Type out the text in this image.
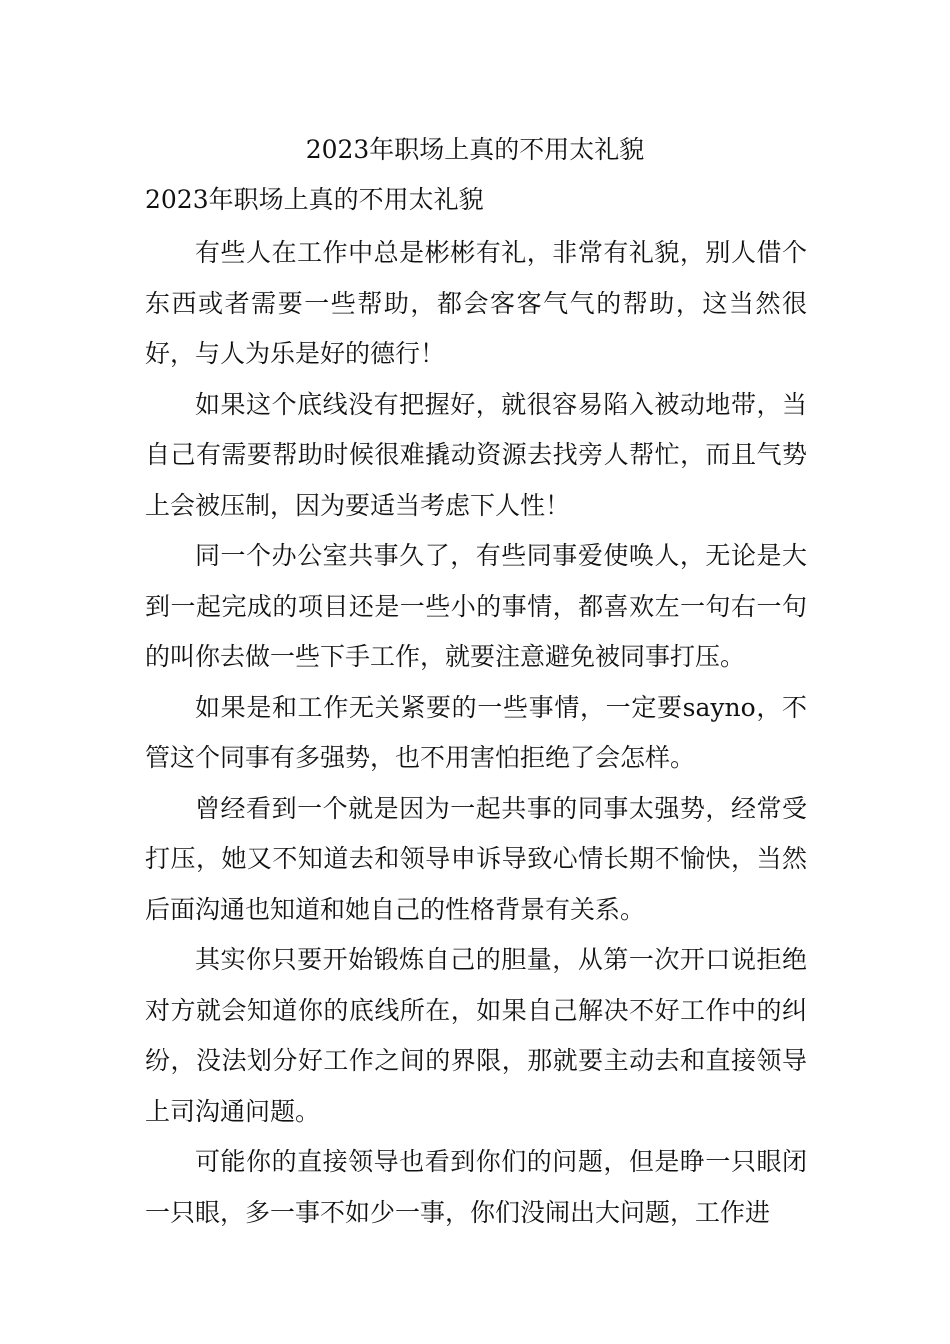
2023年职场上真的不用太礼貌

2023年职场上真的不用太礼貌

有些人在工作中总是彬彬有礼，非常有礼貌，别人借个东西或者需要一些帮助，都会客客气气的帮助，这当然很好，与人为乐是好的德行！

如果这个底线没有把握好，就很容易陷入被动地带，当自己有需要帮助时候很难撬动资源去找旁人帮忙，而且气势上会被压制，因为要适当考虑下人性！

同一个办公室共事久了，有些同事爱使唤人，无论是大到一起完成的项目还是一些小的事情，都喜欢左一句右一句的叫你去做一些下手工作，就要注意避免被同事打压。

如果是和工作无关紧要的一些事情，一定要sayno，不管这个同事有多强势，也不用害怕拒绝了会怎样。

曾经看到一个就是因为一起共事的同事太强势，经常受打压，她又不知道去和领导申诉导致心情长期不愉快，当然后面沟通也知道和她自己的性格背景有关系。

其实你只要开始锻炼自己的胆量，从第一次开口说拒绝对方就会知道你的底线所在，如果自己解决不好工作中的纠纷，没法划分好工作之间的界限，那就要主动去和直接领导上司沟通问题。

可能你的直接领导也看到你们的问题，但是睁一只眼闭一只眼，多一事不如少一事，你们没闹出大问题，工作进
